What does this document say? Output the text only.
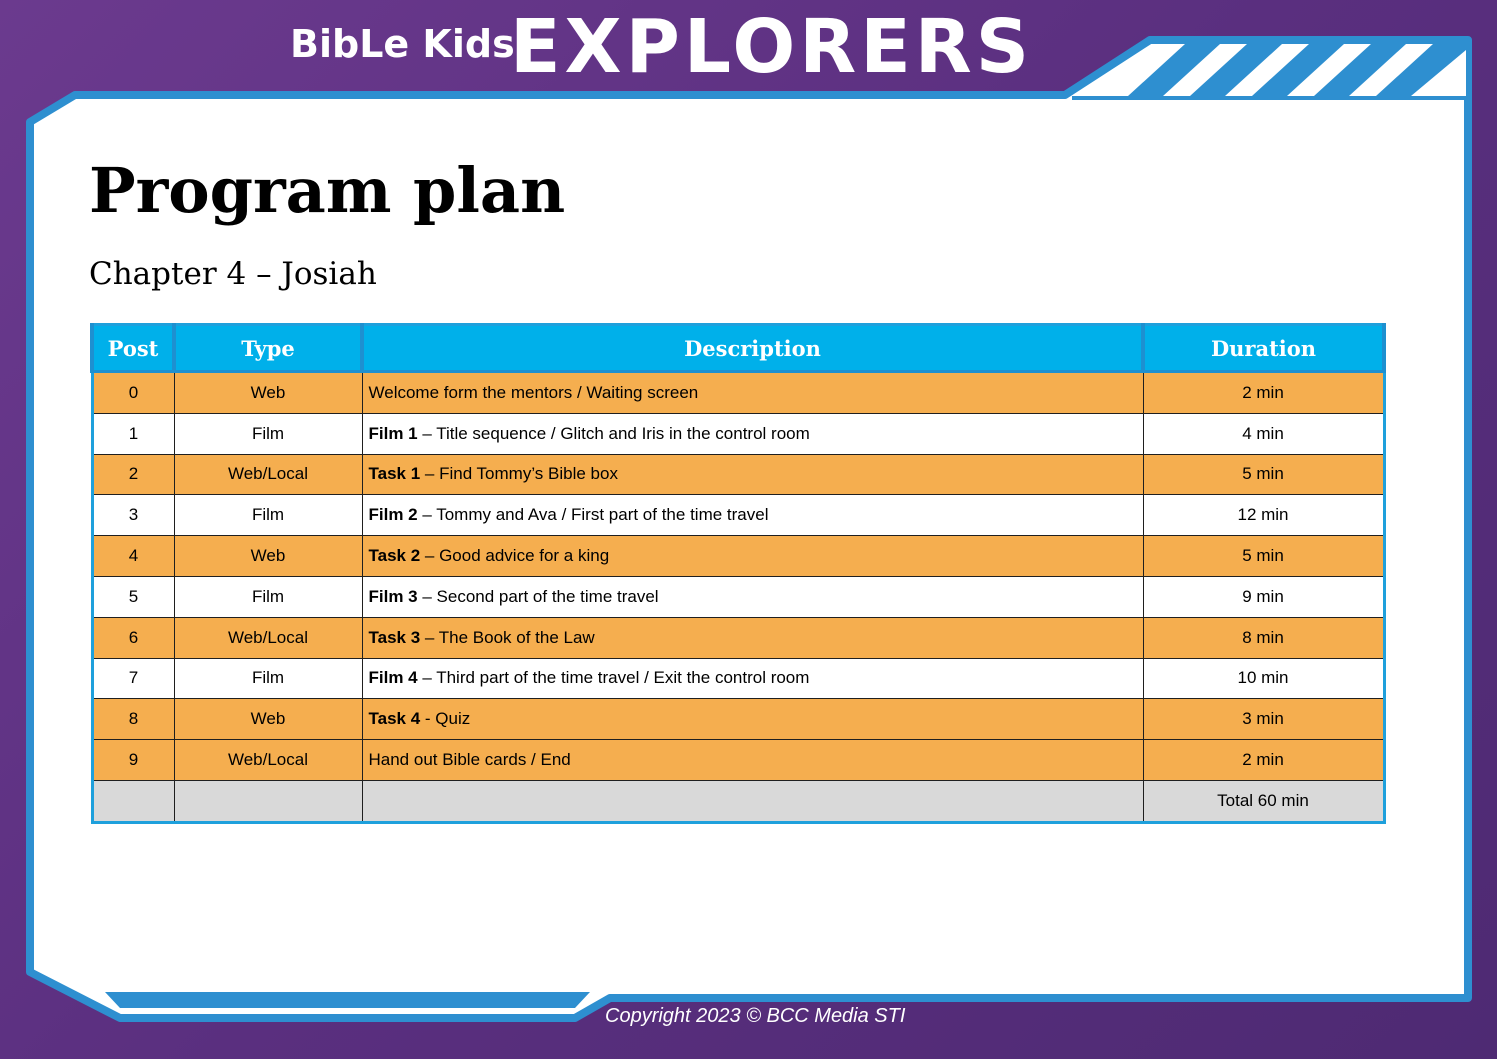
BibLe Kids
EXPLORERS
Program plan
Chapter 4 – Josiah
Post	Type	Description	Duration
0	Web	Welcome form the mentors / Waiting screen	2 min
1	Film	Film 1 – Title sequence / Glitch and Iris in the control room	4 min
2	Web/Local	Task 1 – Find Tommy’s Bible box	5 min
3	Film	Film 2 – Tommy and Ava / First part of the time travel	12 min
4	Web	Task 2 – Good advice for a king	5 min
5	Film	Film 3 – Second part of the time travel	9 min
6	Web/Local	Task 3 – The Book of the Law	8 min
7	Film	Film 4 – Third part of the time travel / Exit the control room	10 min
8	Web	Task 4 - Quiz	3 min
9	Web/Local	Hand out Bible cards / End	2 min
			Total 60 min
Copyright 2023 © BCC Media STI
